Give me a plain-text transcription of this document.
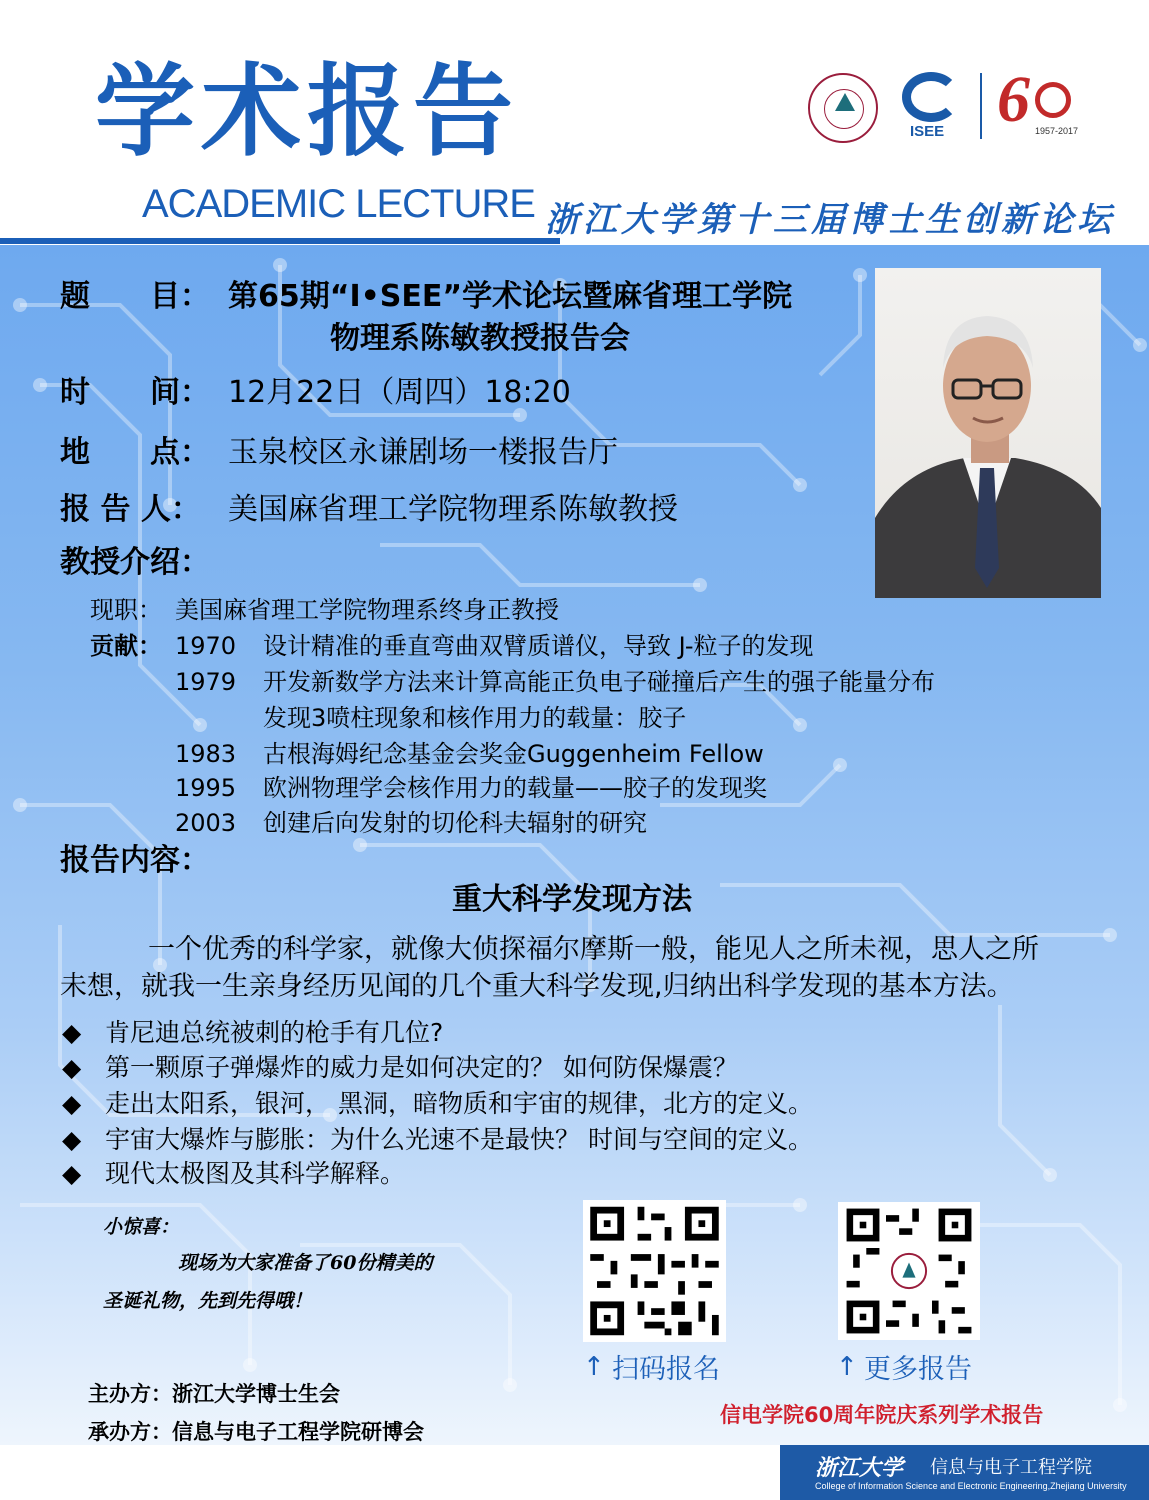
学术报告
ACADEMIC LECTURE 浙江大学第十三届博士生创新论坛
ISEE 6 1957-2017
题　　目： 第65期“I•SEE”学术论坛暨麻省理工学院
物理系陈敏教授报告会
时　　间： 12月22日（周四）18:20
地　　点： 玉泉校区永谦剧场一楼报告厅
报 告 人： 美国麻省理工学院物理系陈敏教授
教授介绍：
现职： 美国麻省理工学院物理系终身正教授
贡献： 1970 设计精准的垂直弯曲双臂质谱仪，导致 J-粒子的发现
1979 开发新数学方法来计算高能正负电子碰撞后产生的强子能量分布
发现3喷柱现象和核作用力的载量：胶子
1983 古根海姆纪念基金会奖金Guggenheim Fellow
1995 欧洲物理学会核作用力的载量——胶子的发现奖
2003 创建后向发射的切伦科夫辐射的研究
报告内容：
重大科学发现方法
一个优秀的科学家，就像大侦探福尔摩斯一般，能见人之所未视，思人之所
未想，就我一生亲身经历见闻的几个重大科学发现,归纳出科学发现的基本方法。
◆ 肯尼迪总统被刺的枪手有几位?
◆ 第一颗原子弹爆炸的威力是如何决定的？ 如何防保爆震？
◆ 走出太阳系，银河， 黑洞，暗物质和宇宙的规律，北方的定义。
◆ 宇宙大爆炸与膨胀：为什么光速不是最快？ 时间与空间的定义。
◆ 现代太极图及其科学解释。
小惊喜：
现场为大家准备了60份精美的
圣诞礼物，先到先得哦！
↑ 扫码报名	↑ 更多报告
主办方：浙江大学博士生会
承办方：信息与电子工程学院研博会
信电学院60周年院庆系列学术报告
浙江大学 信息与电子工程学院
College of Information Science and Electronic Engineering,Zhejiang University
